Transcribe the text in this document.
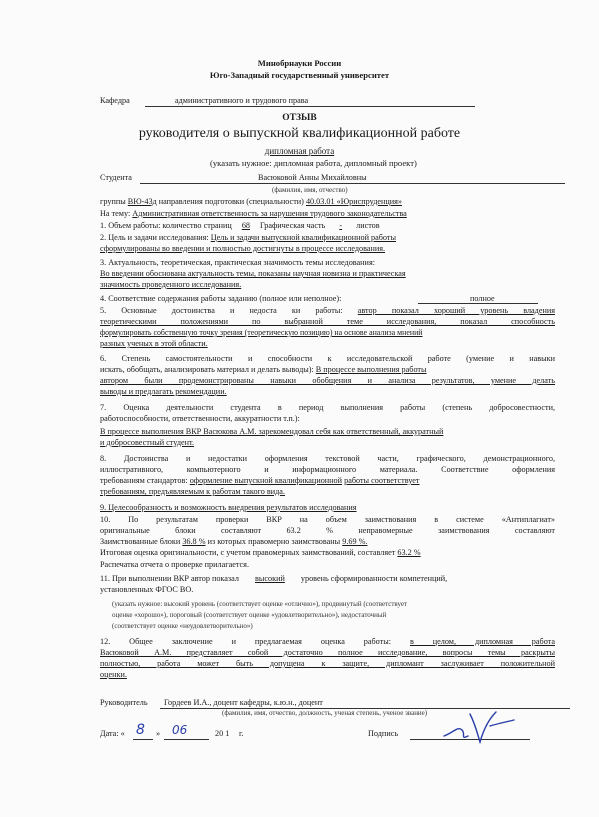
Минобрнауки России
Юго-Западный государственный университет
Кафедра	административного и трудового права
ОТЗЫВ
руководителя о выпускной квалификационной работе
дипломная работа
(указать нужное: дипломная работа, дипломный проект)
Студента	Васюковой Анны Михайловны
(фамилия, имя, отчество)
группы ВЮ-43д направления подготовки (специальности) 40.03.01 «Юриспруденция»
На тему: Административная ответственность за нарушения трудового законодательства
1. Объем работы: количество страниц 68 Графическая часть - листов
2. Цель и задачи исследования: Цель и задачи выпускной квалификационной работы
сформулированы во введении и полностью достигнуты в процессе исследования.
3. Актуальность, теоретическая, практическая значимость темы исследования:
Во введении обоснована актуальность темы, показаны научная новизна и практическая
значимость проведенного исследования.
4. Соответствие содержания работы заданию (полное или неполное):	полное
5. Основные достоинства и недоста ки работы: автор показал хороший уровень владения
теоретическими положениями по выбранной теме исследования, показал способность
формулировать собственную точку зрения (теоретическую позицию) на основе анализа мнений
разных ученых в этой области.
6. Степень самостоятельности и способности к исследовательской работе (умение и навыки
искать, обобщать, анализировать материал и делать выводы): В процессе выполнения работы
автором были продемонстрированы навыки обобщения и анализа результатов, умение делать
выводы и предлагать рекомендации.
7. Оценка деятельности студента в период выполнения работы (степень добросовестности,
работоспособности, ответственности, аккуратности т.п.):
В процессе выполнения ВКР Васюкова А.М. зарекомендовал себя как ответственный, аккуратный
и добросовестный студент.
8. Достоинства и недостатки оформления текстовой части, графического, демонстрационного,
иллюстративного, компьютерного и информационного материала. Соответствие оформления
требованиям стандартов: оформление выпускной квалификационной работы соответствует
требованиям, предъявляемым к работам такого вида.
9. Целесообразность и возможность внедрения результатов исследования
10. По результатам проверки ВКР на объем заимствования в системе «Антиплагиат»
оригинальные блоки составляют 63.2 % неправомерные заимствования составляют
Заимствованные блоки 36.8 % из которых правомерно заимствованы 9.69 %.
Итоговая оценка оригинальности, с учетом правомерных заимствований, составляет 63.2 %
Распечатка отчета о проверке прилагается.
11. При выполнении ВКР автор показал высокий уровень сформированности компетенций,
установленных ФГОС ВО.
(указать нужное: высокий уровень (соответствует оценке «отлично»), продвинутый (соответствует
оценке «хорошо»), пороговый (соответствует оценке «удовлетворительно»), недостаточный
(соответствует оценке «неудовлетворительно»)
12. Общее заключение и предлагаемая оценка работы: в целом, дипломная работа
Васюковой А.М. представляет собой достаточно полное исследование, вопросы темы раскрыты
полностью, работа может быть допущена к защите, дипломант заслуживает положительной
оценки.
Руководитель Гордеев И.А., доцент кафедры, к.ю.н., доцент
(фамилия, имя, отчество, должность, ученая степень, ученое звание)
Дата: « 8 » 06	20 1 г.	Подпись
